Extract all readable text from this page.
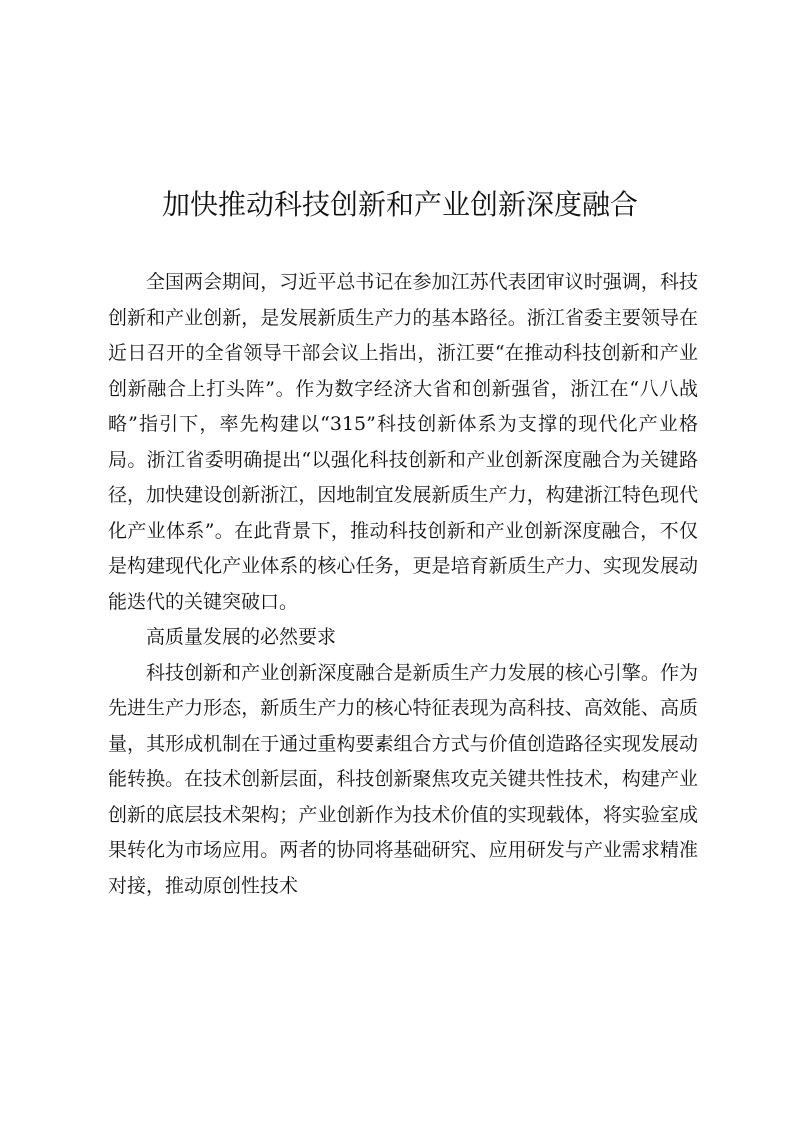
加快推动科技创新和产业创新深度融合

全国两会期间，习近平总书记在参加江苏代表团审议时强调，科技创新和产业创新，是发展新质生产力的基本路径。浙江省委主要领导在近日召开的全省领导干部会议上指出，浙江要“在推动科技创新和产业创新融合上打头阵”。作为数字经济大省和创新强省，浙江在“八八战略”指引下，率先构建以“315”科技创新体系为支撑的现代化产业格局。浙江省委明确提出“以强化科技创新和产业创新深度融合为关键路径，加快建设创新浙江，因地制宜发展新质生产力，构建浙江特色现代化产业体系”。在此背景下，推动科技创新和产业创新深度融合，不仅是构建现代化产业体系的核心任务，更是培育新质生产力、实现发展动能迭代的关键突破口。

高质量发展的必然要求

科技创新和产业创新深度融合是新质生产力发展的核心引擎。作为先进生产力形态，新质生产力的核心特征表现为高科技、高效能、高质量，其形成机制在于通过重构要素组合方式与价值创造路径实现发展动能转换。在技术创新层面，科技创新聚焦攻克关键共性技术，构建产业创新的底层技术架构；产业创新作为技术价值的实现载体，将实验室成果转化为市场应用。两者的协同将基础研究、应用研发与产业需求精准对接，推动原创性技术
